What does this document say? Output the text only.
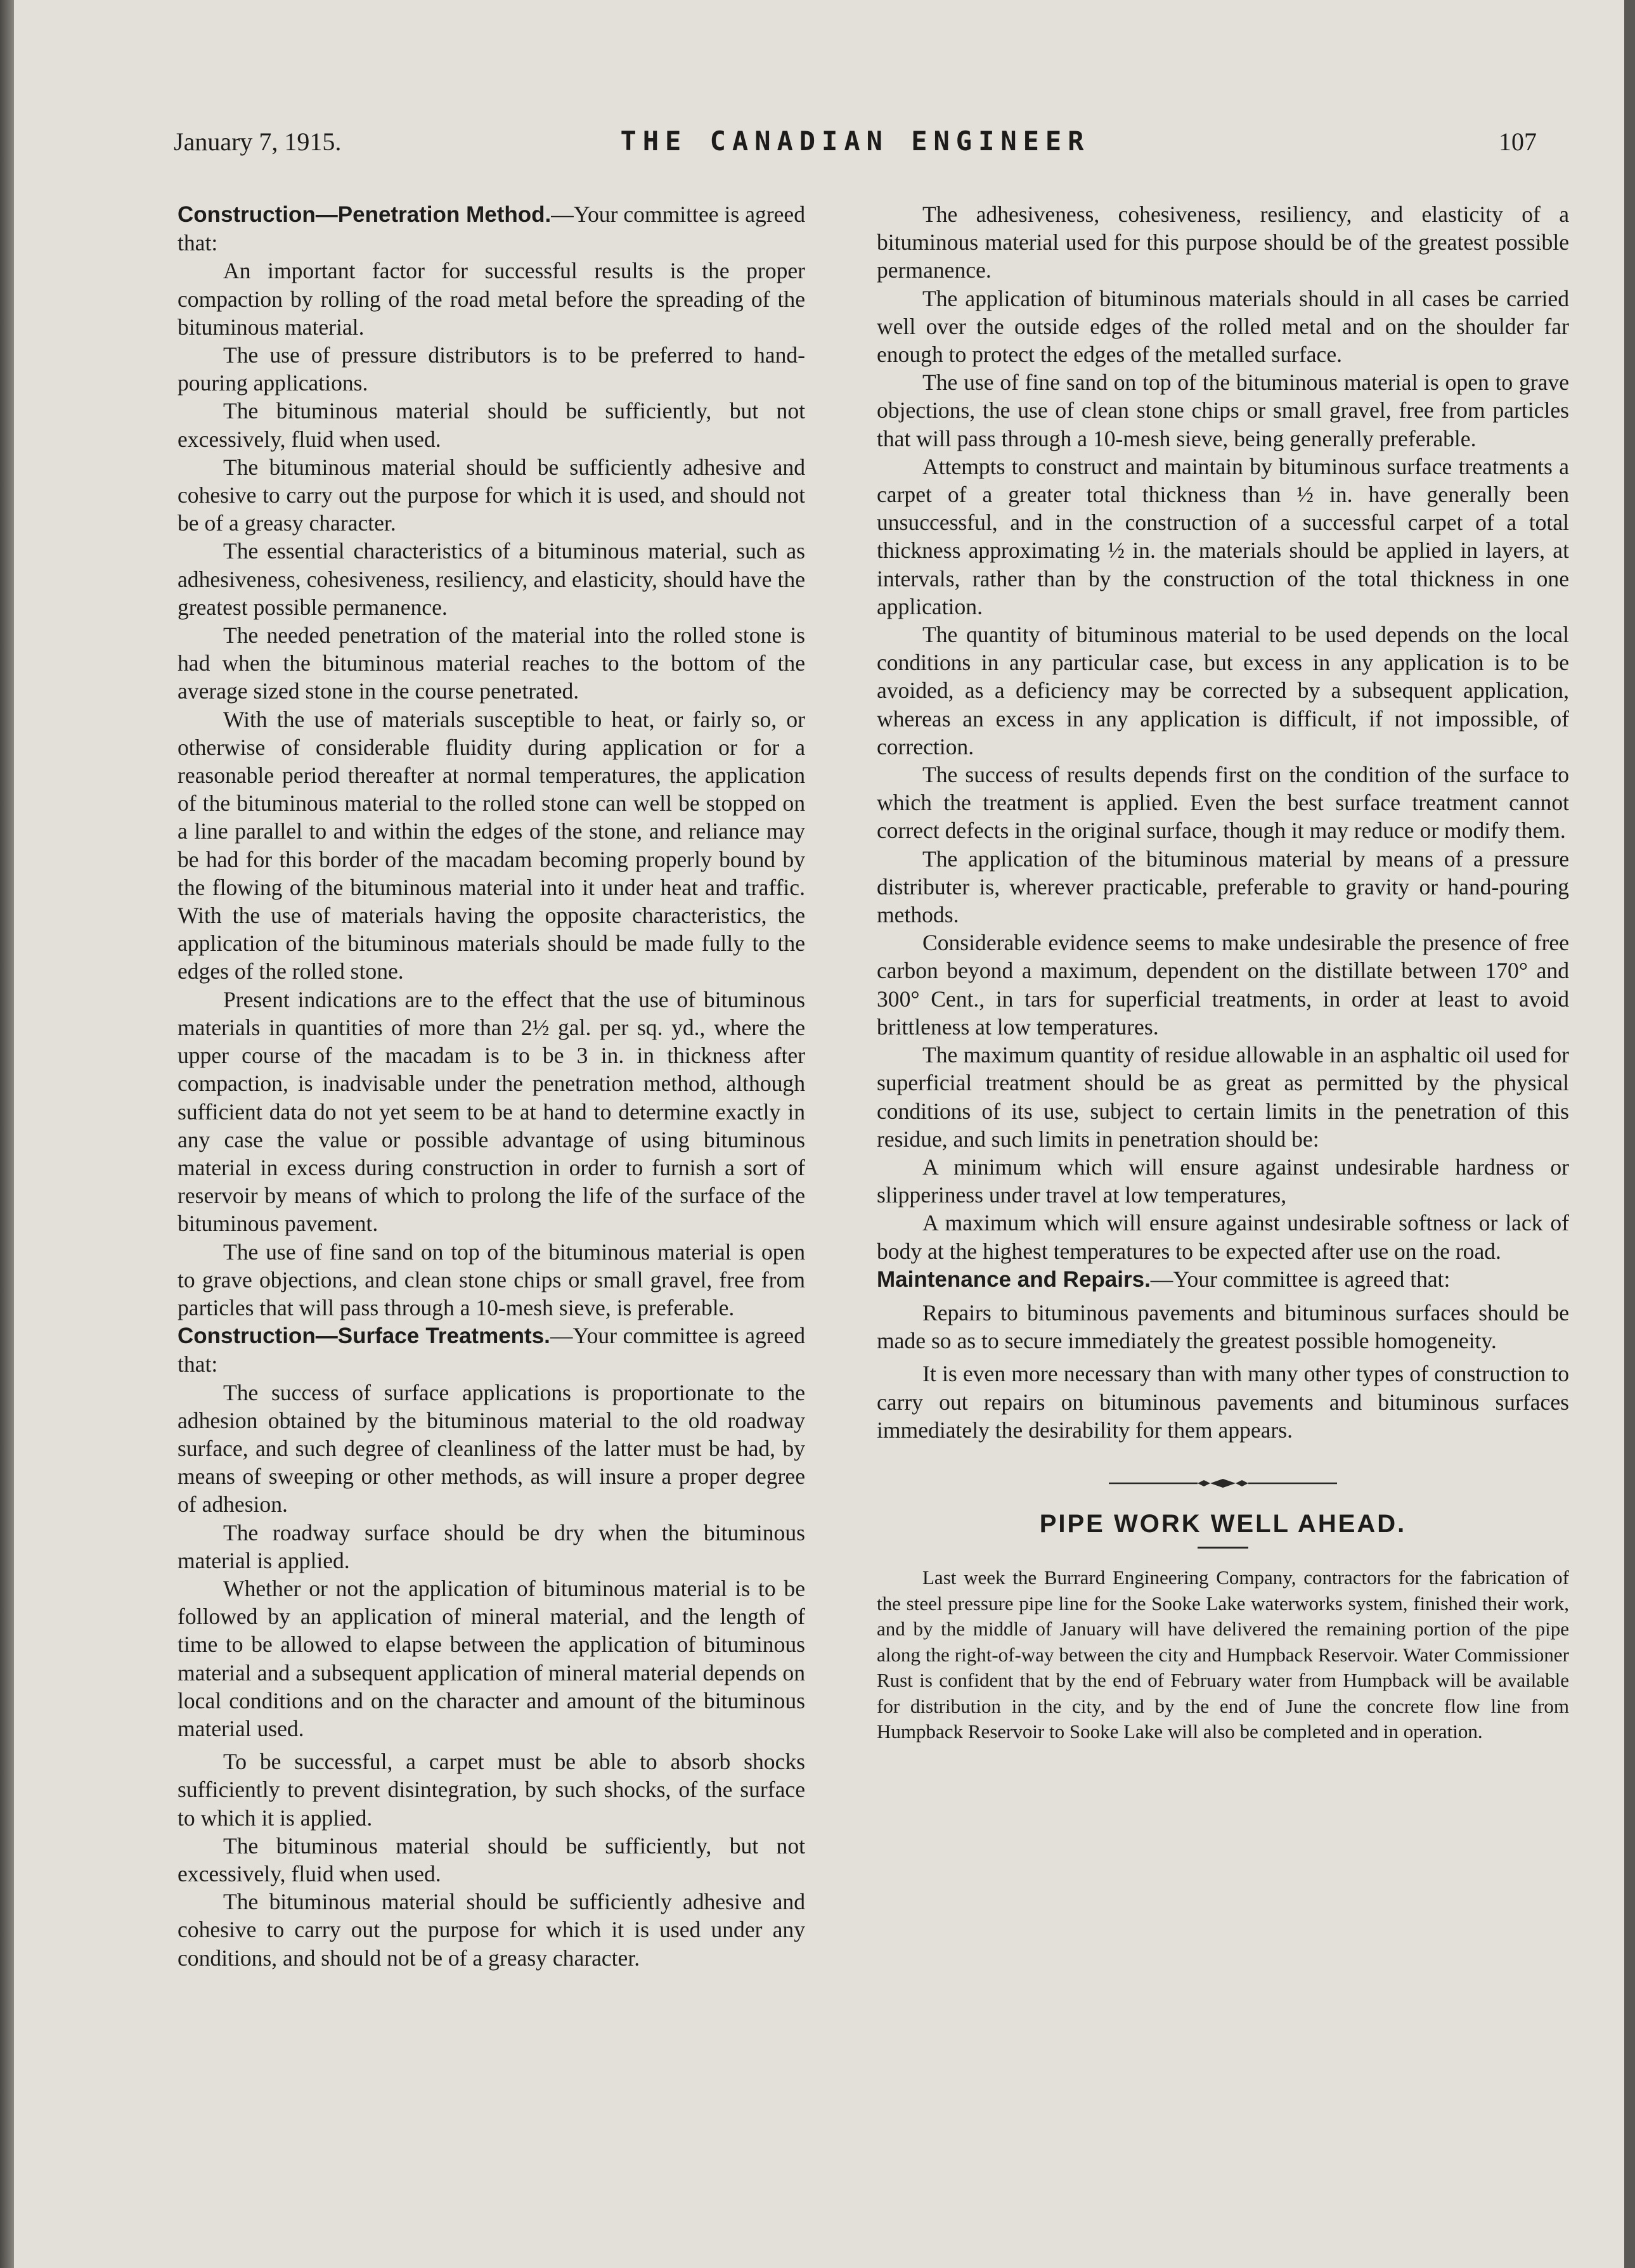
January 7, 1915.	THE CANADIAN ENGINEER	107

Construction—Penetration Method.—Your committee is agreed that:

An important factor for successful results is the proper compaction by rolling of the road metal before the spreading of the bituminous material.

The use of pressure distributors is to be preferred to hand-pouring applications.

The bituminous material should be sufficiently, but not excessively, fluid when used.

The bituminous material should be sufficiently adhesive and cohesive to carry out the purpose for which it is used, and should not be of a greasy character.

The essential characteristics of a bituminous material, such as adhesiveness, cohesiveness, resiliency, and elasticity, should have the greatest possible permanence.

The needed penetration of the material into the rolled stone is had when the bituminous material reaches to the bottom of the average sized stone in the course penetrated.

With the use of materials susceptible to heat, or fairly so, or otherwise of considerable fluidity during application or for a reasonable period thereafter at normal temperatures, the application of the bituminous material to the rolled stone can well be stopped on a line parallel to and within the edges of the stone, and reliance may be had for this border of the macadam becoming properly bound by the flowing of the bituminous material into it under heat and traffic. With the use of materials having the opposite characteristics, the application of the bituminous materials should be made fully to the edges of the rolled stone.

Present indications are to the effect that the use of bituminous materials in quantities of more than 2½ gal. per sq. yd., where the upper course of the macadam is to be 3 in. in thickness after compaction, is inadvisable under the penetration method, although sufficient data do not yet seem to be at hand to determine exactly in any case the value or possible advantage of using bituminous material in excess during construction in order to furnish a sort of reservoir by means of which to prolong the life of the surface of the bituminous pavement.

The use of fine sand on top of the bituminous material is open to grave objections, and clean stone chips or small gravel, free from particles that will pass through a 10-mesh sieve, is preferable.

Construction—Surface Treatments.—Your committee is agreed that:

The success of surface applications is proportionate to the adhesion obtained by the bituminous material to the old roadway surface, and such degree of cleanliness of the latter must be had, by means of sweeping or other methods, as will insure a proper degree of adhesion.

The roadway surface should be dry when the bituminous material is applied.

Whether or not the application of bituminous material is to be followed by an application of mineral material, and the length of time to be allowed to elapse between the application of bituminous material and a subsequent application of mineral material depends on local conditions and on the character and amount of the bituminous material used.

To be successful, a carpet must be able to absorb shocks sufficiently to prevent disintegration, by such shocks, of the surface to which it is applied.

The bituminous material should be sufficiently, but not excessively, fluid when used.

The bituminous material should be sufficiently adhesive and cohesive to carry out the purpose for which it is used under any conditions, and should not be of a greasy character.

The adhesiveness, cohesiveness, resiliency, and elasticity of a bituminous material used for this purpose should be of the greatest possible permanence.

The application of bituminous materials should in all cases be carried well over the outside edges of the rolled metal and on the shoulder far enough to protect the edges of the metalled surface.

The use of fine sand on top of the bituminous material is open to grave objections, the use of clean stone chips or small gravel, free from particles that will pass through a 10-mesh sieve, being generally preferable.

Attempts to construct and maintain by bituminous surface treatments a carpet of a greater total thickness than ½ in. have generally been unsuccessful, and in the construction of a successful carpet of a total thickness approximating ½ in. the materials should be applied in layers, at intervals, rather than by the construction of the total thickness in one application.

The quantity of bituminous material to be used depends on the local conditions in any particular case, but excess in any application is to be avoided, as a deficiency may be corrected by a subsequent application, whereas an excess in any application is difficult, if not impossible, of correction.

The success of results depends first on the condition of the surface to which the treatment is applied. Even the best surface treatment cannot correct defects in the original surface, though it may reduce or modify them.

The application of the bituminous material by means of a pressure distributer is, wherever practicable, preferable to gravity or hand-pouring methods.

Considerable evidence seems to make undesirable the presence of free carbon beyond a maximum, dependent on the distillate between 170° and 300° Cent., in tars for superficial treatments, in order at least to avoid brittleness at low temperatures.

The maximum quantity of residue allowable in an asphaltic oil used for superficial treatment should be as great as permitted by the physical conditions of its use, subject to certain limits in the penetration of this residue, and such limits in penetration should be:

A minimum which will ensure against undesirable hardness or slipperiness under travel at low temperatures,

A maximum which will ensure against undesirable softness or lack of body at the highest temperatures to be expected after use on the road.

Maintenance and Repairs.—Your committee is agreed that:

Repairs to bituminous pavements and bituminous surfaces should be made so as to secure immediately the greatest possible homogeneity.

It is even more necessary than with many other types of construction to carry out repairs on bituminous pavements and bituminous surfaces immediately the desirability for them appears.

PIPE WORK WELL AHEAD.

Last week the Burrard Engineering Company, contractors for the fabrication of the steel pressure pipe line for the Sooke Lake waterworks system, finished their work, and by the middle of January will have delivered the remaining portion of the pipe along the right-of-way between the city and Humpback Reservoir. Water Commissioner Rust is confident that by the end of February water from Humpback will be available for distribution in the city, and by the end of June the concrete flow line from Humpback Reservoir to Sooke Lake will also be completed and in operation.
